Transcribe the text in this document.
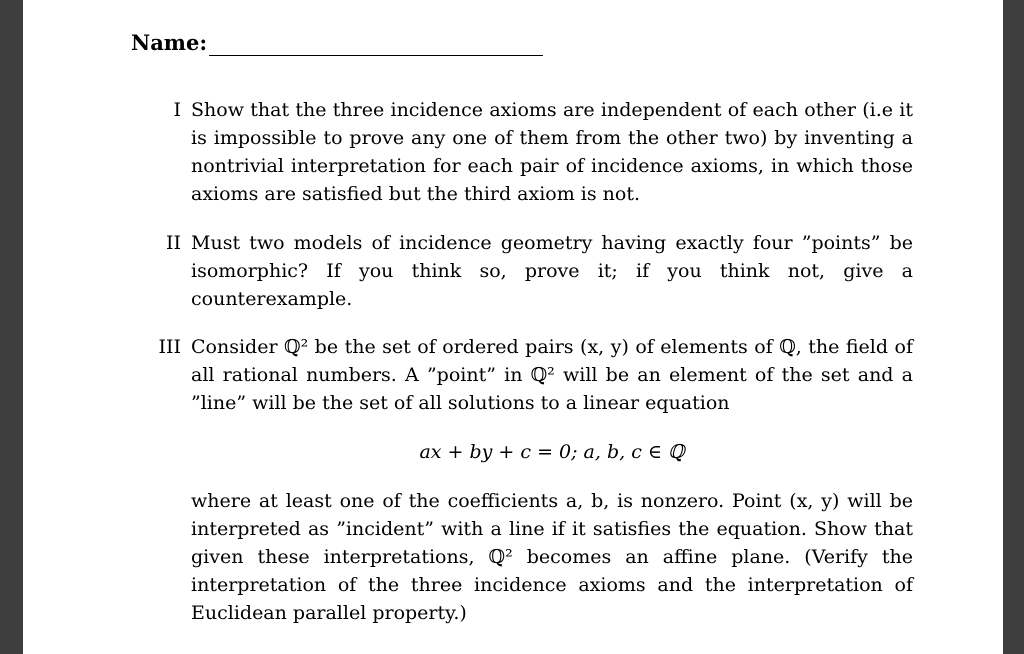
Name:
I Show that the three incidence axioms are independent of each other (i.e it is impossible to prove any one of them from the other two) by inventing a nontrivial interpretation for each pair of incidence axioms, in which those axioms are satisfied but the third axiom is not.

II Must two models of incidence geometry having exactly four ”points” be isomorphic? If you think so, prove it; if you think not, give a counterexample.

III Consider ℚ² be the set of ordered pairs (x, y) of elements of ℚ, the field of all rational numbers. A ”point” in ℚ² will be an element of the set and a ”line” will be the set of all solutions to a linear equation

ax + by + c = 0; a, b, c ∈ ℚ

where at least one of the coefficients a, b, is nonzero. Point (x, y) will be interpreted as ”incident” with a line if it satisfies the equation. Show that given these interpretations, ℚ² becomes an affine plane. (Verify the interpretation of the three incidence axioms and the interpretation of Euclidean parallel property.)
